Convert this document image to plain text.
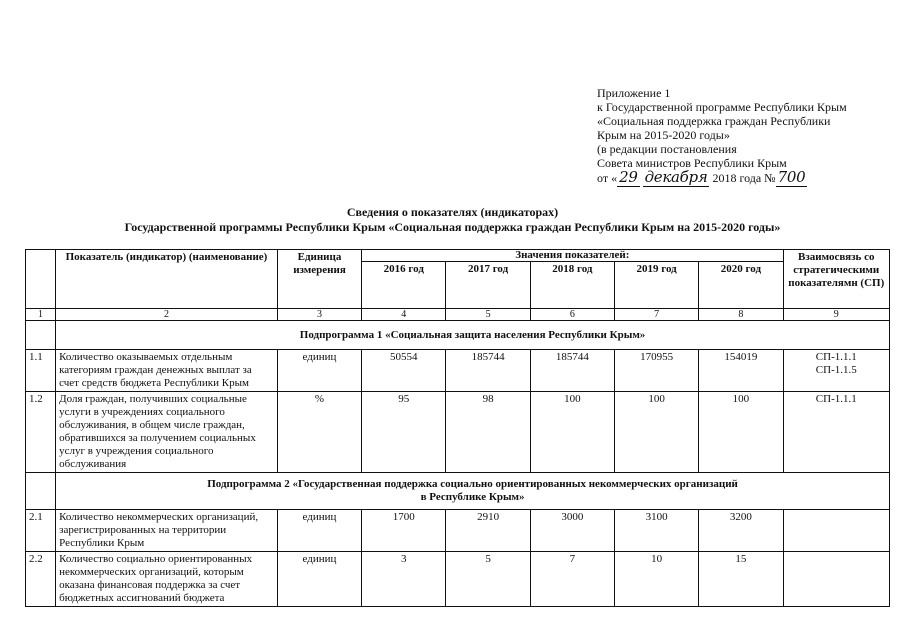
Приложение 1
к Государственной программе Республики Крым
«Социальная поддержка граждан Республики
Крым на 2015-2020 годы»
(в редакции постановления
Совета министров Республики Крым
от « 29 декабря 2018 года № 700
Сведения о показателях (индикаторах)
Государственной программы Республики Крым «Социальная поддержка граждан Республики Крым на 2015-2020 годы»
	Показатель (индикатор) (наименование)	Единица измерения	Значения показателей:					Взаимосвязь со стратегическими показателямн (СП)
			2016 год	2017 год	2018 год	2019 год	2020 год	
1	2	3	4	5	6	7	8	9

	Подпрограмма 1 «Социальная защита населения Республики Крым»							

1.1	Количество оказываемых отдельным категориям граждан денежных выплат за счет средств бюджета Республики Крым	единиц	50554	185744	185744	170955	154019	СП-1.1.1
СП-1.1.5

1.2	Доля граждан, получивших социальные услуги в учреждениях социального обслуживания, в общем числе граждан, обратившихся за получением социальных услуг в учреждения социального обслуживания	%	95	98	100	100	100	СП-1.1.1

	Подпрограмма 2 «Государственная поддержка социально ориентированных некоммерческих организаций
в Республике Крым»							

2.1	Количество некоммерческих организаций, зарегистрированных на территории Республики Крым	единиц	1700	2910	3000	3100	3200	
2.2	Количество социально ориентированных некоммерческих организаций, которым оказана финансовая поддержка за счет бюджетных ассигнований бюджета	единиц	3	5	7	10	15	
